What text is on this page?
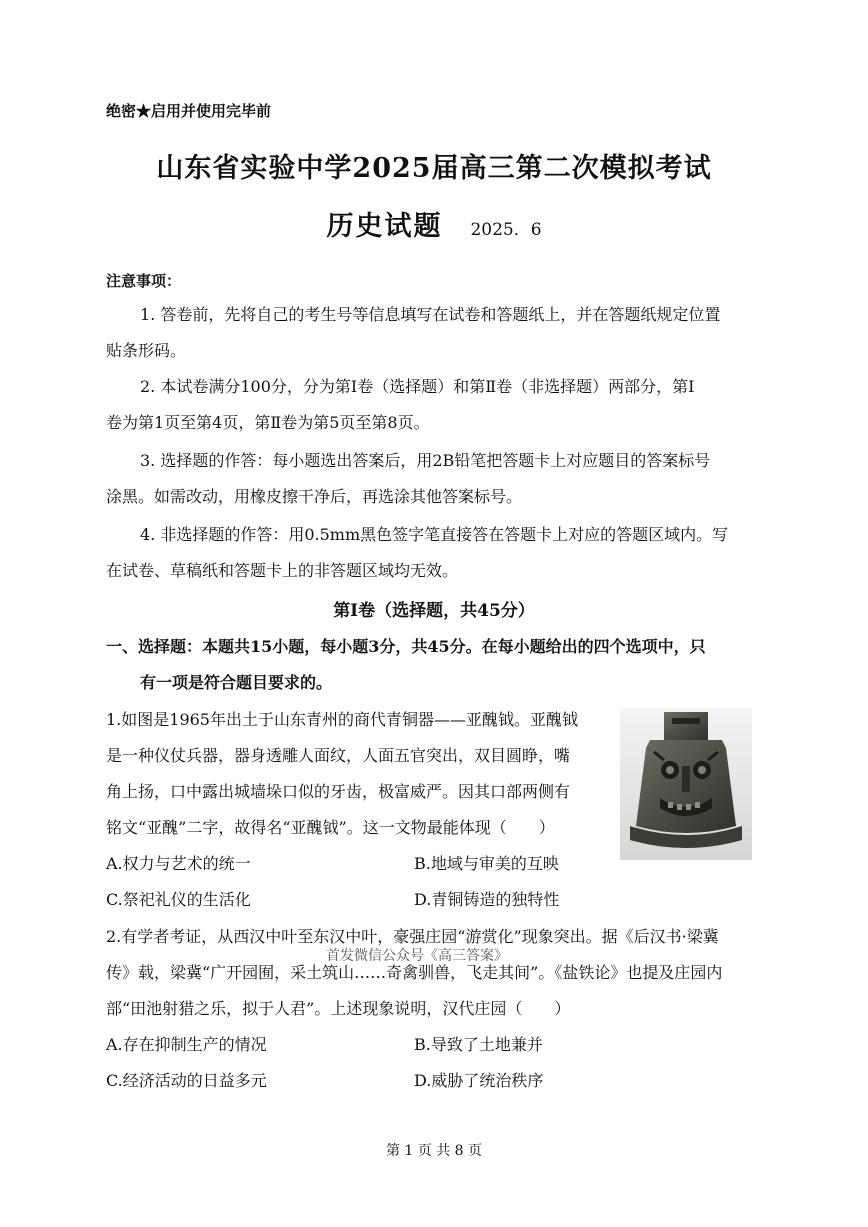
绝密★启用并使用完毕前
山东省实验中学2025届高三第二次模拟考试
历史试题 2025．6
注意事项：
1. 答卷前，先将自己的考生号等信息填写在试卷和答题纸上，并在答题纸规定位置
贴条形码。
2. 本试卷满分100分，分为第Ⅰ卷（选择题）和第Ⅱ卷（非选择题）两部分，第Ⅰ
卷为第1页至第4页，第Ⅱ卷为第5页至第8页。
3. 选择题的作答：每小题选出答案后，用2B铅笔把答题卡上对应题目的答案标号
涂黑。如需改动，用橡皮擦干净后，再选涂其他答案标号。
4. 非选择题的作答：用0.5mm黑色签字笔直接答在答题卡上对应的答题区域内。写
在试卷、草稿纸和答题卡上的非答题区域均无效。
第Ⅰ卷（选择题，共45分）
一、选择题：本题共15小题，每小题3分，共45分。在每小题给出的四个选项中，只
有一项是符合题目要求的。
1.如图是1965年出土于山东青州的商代青铜器——亚醜钺。亚醜钺
是一种仪仗兵器，器身透雕人面纹，人面五官突出，双目圆睁，嘴
角上扬，口中露出城墙垛口似的牙齿，极富威严。因其口部两侧有
铭文“亚醜”二字，故得名“亚醜钺”。这一文物最能体现（　　）
A.权力与艺术的统一	B.地域与审美的互映
C.祭祀礼仪的生活化	D.青铜铸造的独特性
2.有学者考证，从西汉中叶至东汉中叶，豪强庄园“游赏化”现象突出。据《后汉书·梁冀
传》载，梁冀“广开园囿，采土筑山……奇禽驯兽，飞走其间”。《盐铁论》也提及庄园内
部“田池射猎之乐，拟于人君”。上述现象说明，汉代庄园（　　）
A.存在抑制生产的情况	B.导致了土地兼并
C.经济活动的日益多元	D.威胁了统治秩序
首发微信公众号《高三答案》
第 1 页 共 8 页
